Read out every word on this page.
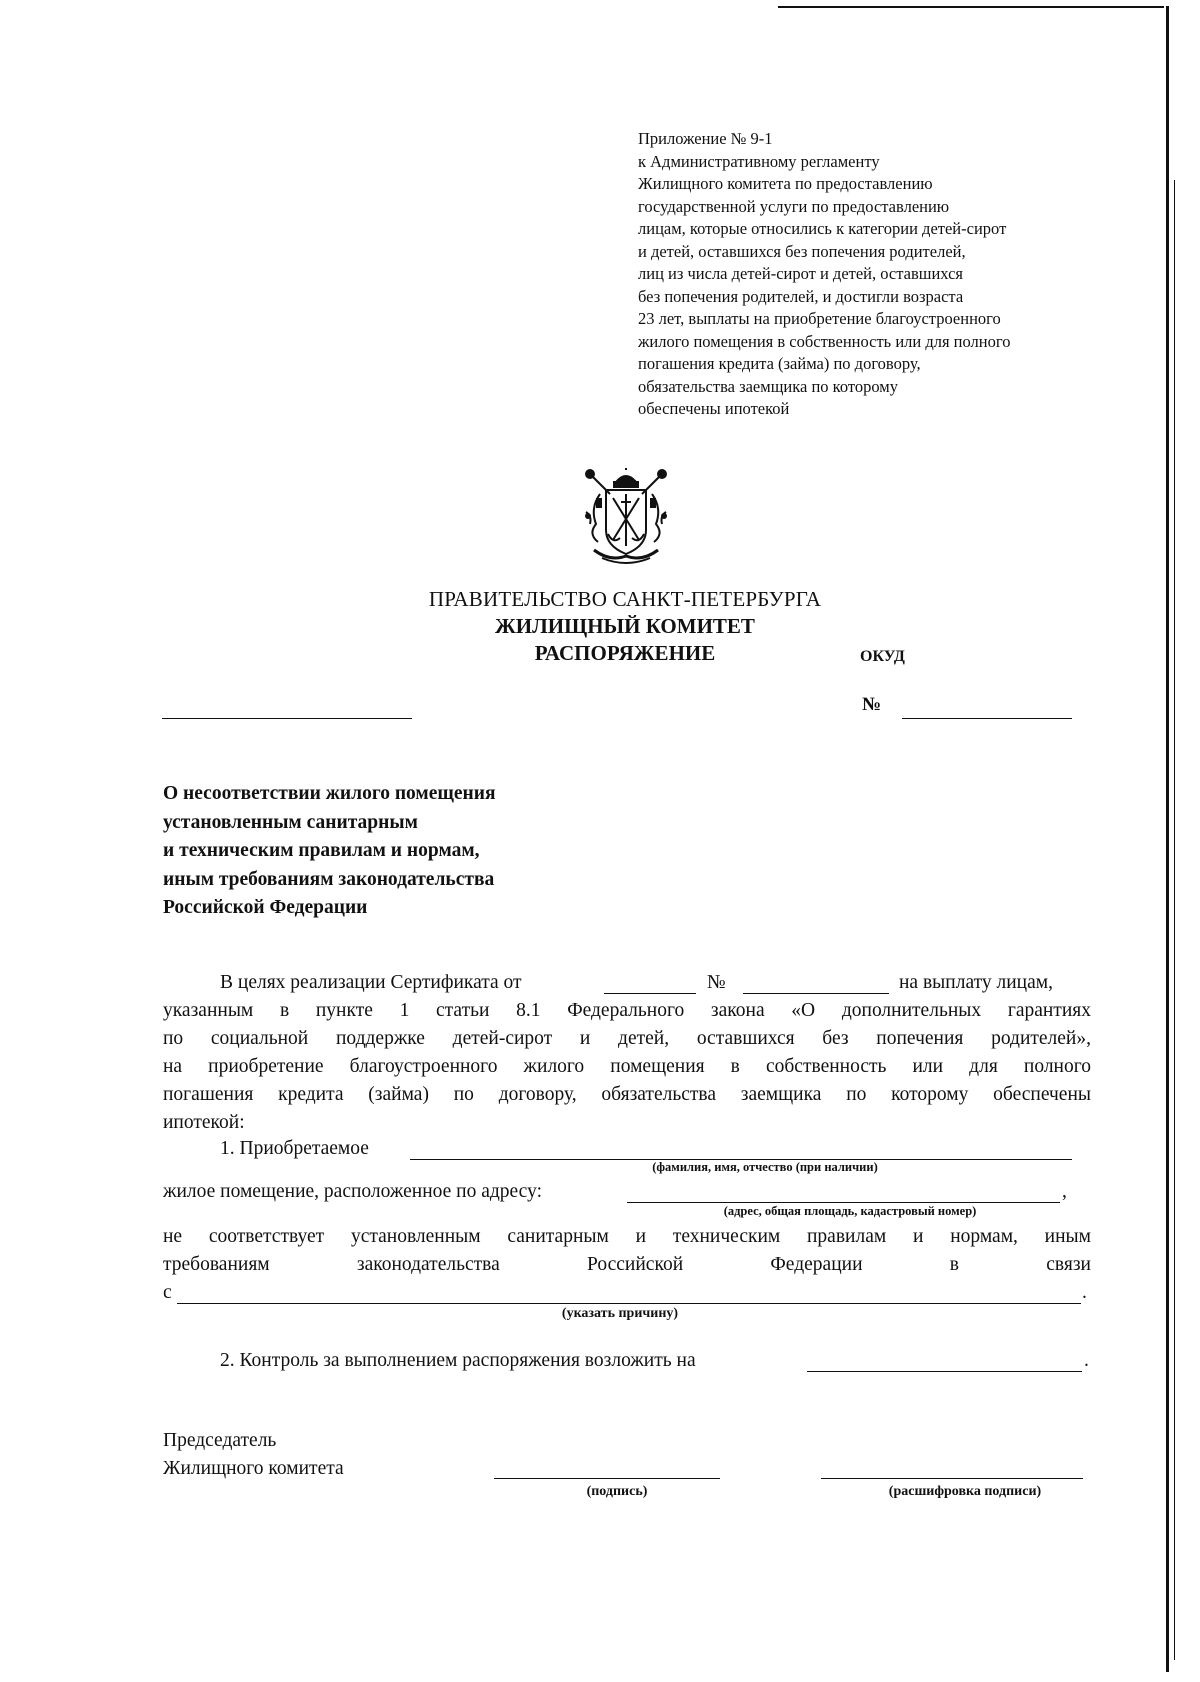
Приложение № 9-1
к Административному регламенту
Жилищного комитета по предоставлению
государственной услуги по предоставлению
лицам, которые относились к категории детей-сирот
и детей, оставшихся без попечения родителей,
лиц из числа детей-сирот и детей, оставшихся
без попечения родителей, и достигли возраста
23 лет, выплаты на приобретение благоустроенного
жилого помещения в собственность или для полного
погашения кредита (займа) по договору,
обязательства заемщика по которому
обеспечены ипотекой
ПРАВИТЕЛЬСТВО САНКТ-ПЕТЕРБУРГА
ЖИЛИЩНЫЙ КОМИТЕТ
РАСПОРЯЖЕНИЕ	ОКУД
№
О несоответствии жилого помещения
установленным санитарным
и техническим правилам и нормам,
иным требованиям законодательства
Российской Федерации
В целях реализации Сертификата от	№	на выплату лицам,
указанным в пункте 1 статьи 8.1 Федерального закона «О дополнительных гарантиях
по социальной поддержке детей-сирот и детей, оставшихся без попечения родителей»,
на приобретение благоустроенного жилого помещения в собственность или для полного
погашения кредита (займа) по договору, обязательства заемщика по которому обеспечены
ипотекой:
1. Приобретаемое
(фамилия, имя, отчество (при наличии)
жилое помещение, расположенное по адресу:	,
(адрес, общая площадь, кадастровый номер)
не соответствует установленным санитарным и техническим правилам и нормам, иным
требованиям	законодательства	Российской	Федерации	в	связи
с	.
(указать причину)
2. Контроль за выполнением распоряжения возложить на	.
Председатель
Жилищного комитета
(подпись)	(расшифровка подписи)
